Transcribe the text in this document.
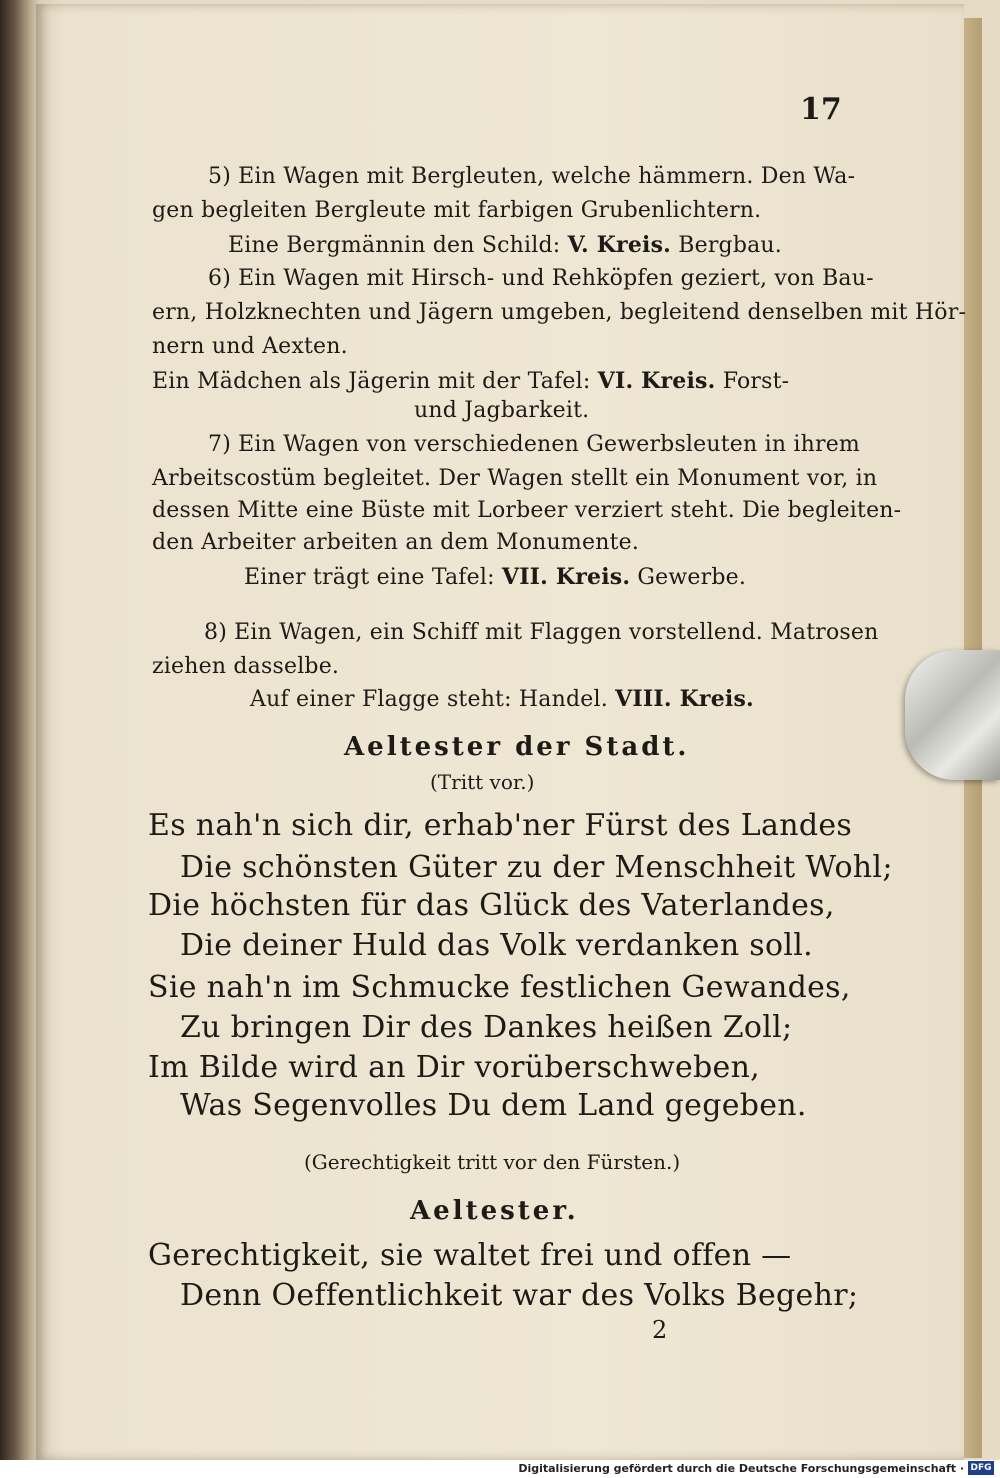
17
5) Ein Wagen mit Bergleuten, welche hämmern. Den Wa-
gen begleiten Bergleute mit farbigen Grubenlichtern.
Eine Bergmännin den Schild: V. Kreis. Bergbau.
6) Ein Wagen mit Hirsch- und Rehköpfen geziert, von Bau-
ern, Holzknechten und Jägern umgeben, begleitend denselben mit Hör-
nern und Aexten.
Ein Mädchen als Jägerin mit der Tafel: VI. Kreis. Forst-
und Jagbarkeit.
7) Ein Wagen von verschiedenen Gewerbsleuten in ihrem
Arbeitscostüm begleitet. Der Wagen stellt ein Monument vor, in
dessen Mitte eine Büste mit Lorbeer verziert steht. Die begleiten-
den Arbeiter arbeiten an dem Monumente.
Einer trägt eine Tafel: VII. Kreis. Gewerbe.
8) Ein Wagen, ein Schiff mit Flaggen vorstellend. Matrosen
ziehen dasselbe.
Auf einer Flagge steht: Handel. VIII. Kreis.
Aeltester der Stadt.
(Tritt vor.)
Es nah'n sich dir, erhab'ner Fürst des Landes
Die schönsten Güter zu der Menschheit Wohl;
Die höchsten für das Glück des Vaterlandes,
Die deiner Huld das Volk verdanken soll.
Sie nah'n im Schmucke festlichen Gewandes,
Zu bringen Dir des Dankes heißen Zoll;
Im Bilde wird an Dir vorüberschweben,
Was Segenvolles Du dem Land gegeben.
(Gerechtigkeit tritt vor den Fürsten.)
Aeltester.
Gerechtigkeit, sie waltet frei und offen —
Denn Oeffentlichkeit war des Volks Begehr;
2
Digitalisierung gefördert durch die Deutsche Forschungsgemeinschaft · DFG
